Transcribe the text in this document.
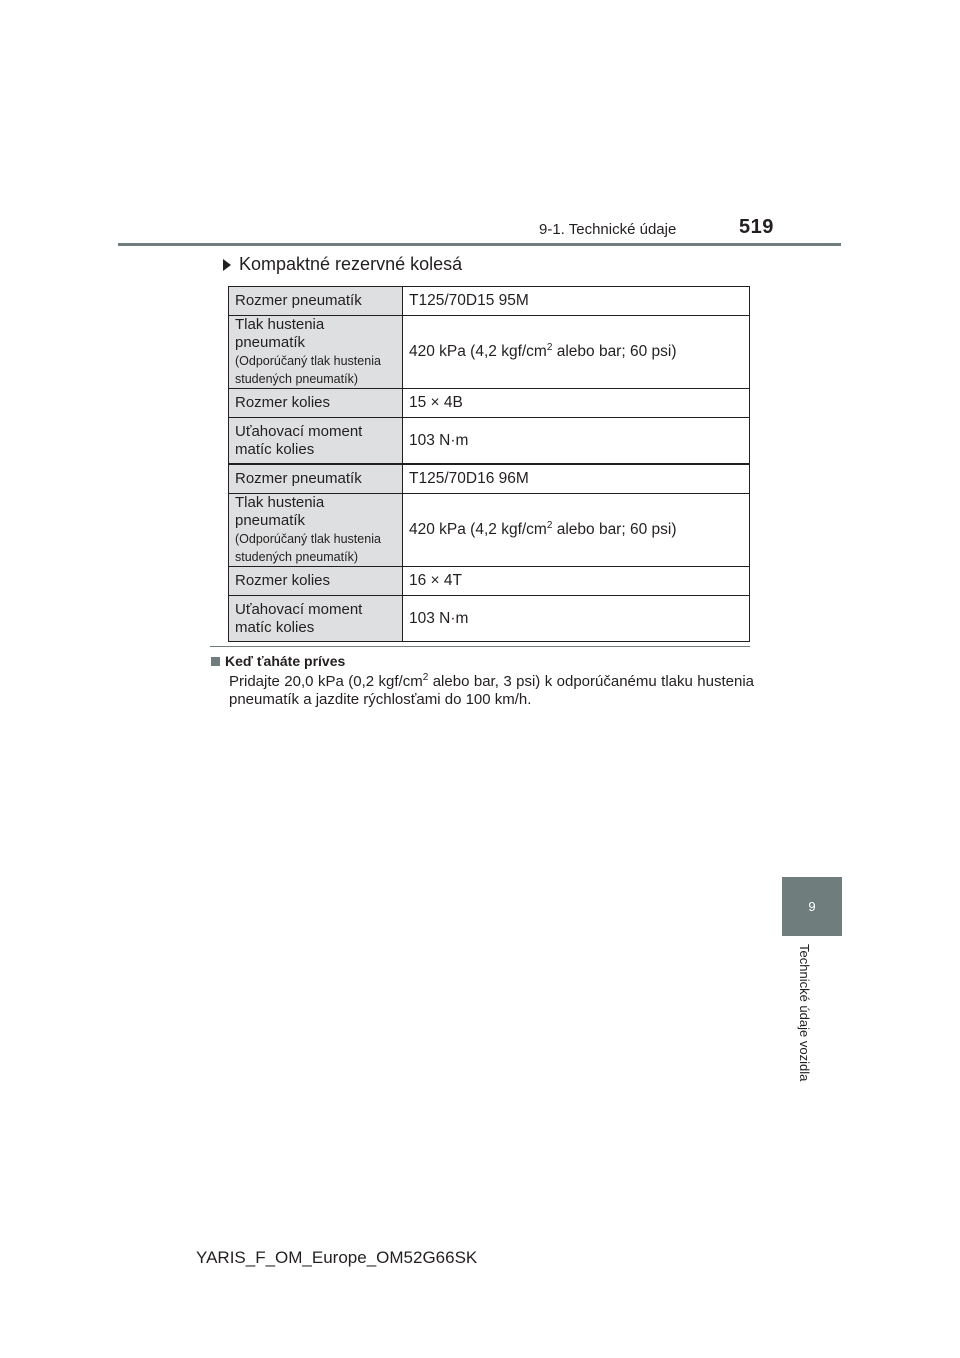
9-1. Technické údaje	519
Kompaktné rezervné kolesá
Rozmer pneumatík	T125/70D15 95M

Tlak hustenia pneumatík
(Odporúčaný tlak hustenia studených pneumatík)	420 kPa (4,2 kgf/$cm^2$ alebo bar; 60 psi)
Rozmer kolies	15 × 4B
Uťahovací moment matíc kolies	103 N·m
Rozmer pneumatík	T125/70D16 96M

Tlak hustenia pneumatík
(Odporúčaný tlak hustenia studených pneumatík)	420 kPa (4,2 kgf/$cm^2$ alebo bar; 60 psi)
Rozmer kolies	16 × 4T
Uťahovací moment matíc kolies	103 N·m
Keď ťaháte príves
Pridajte 20,0 kPa (0,2 kgf/$cm^2$ alebo bar, 3 psi) k odporúčanému tlaku hustenia pneumatík a jazdite rýchlosťami do 100 km/h.
9
Technické údaje vozidla
YARIS_F_OM_Europe_OM52G66SK
